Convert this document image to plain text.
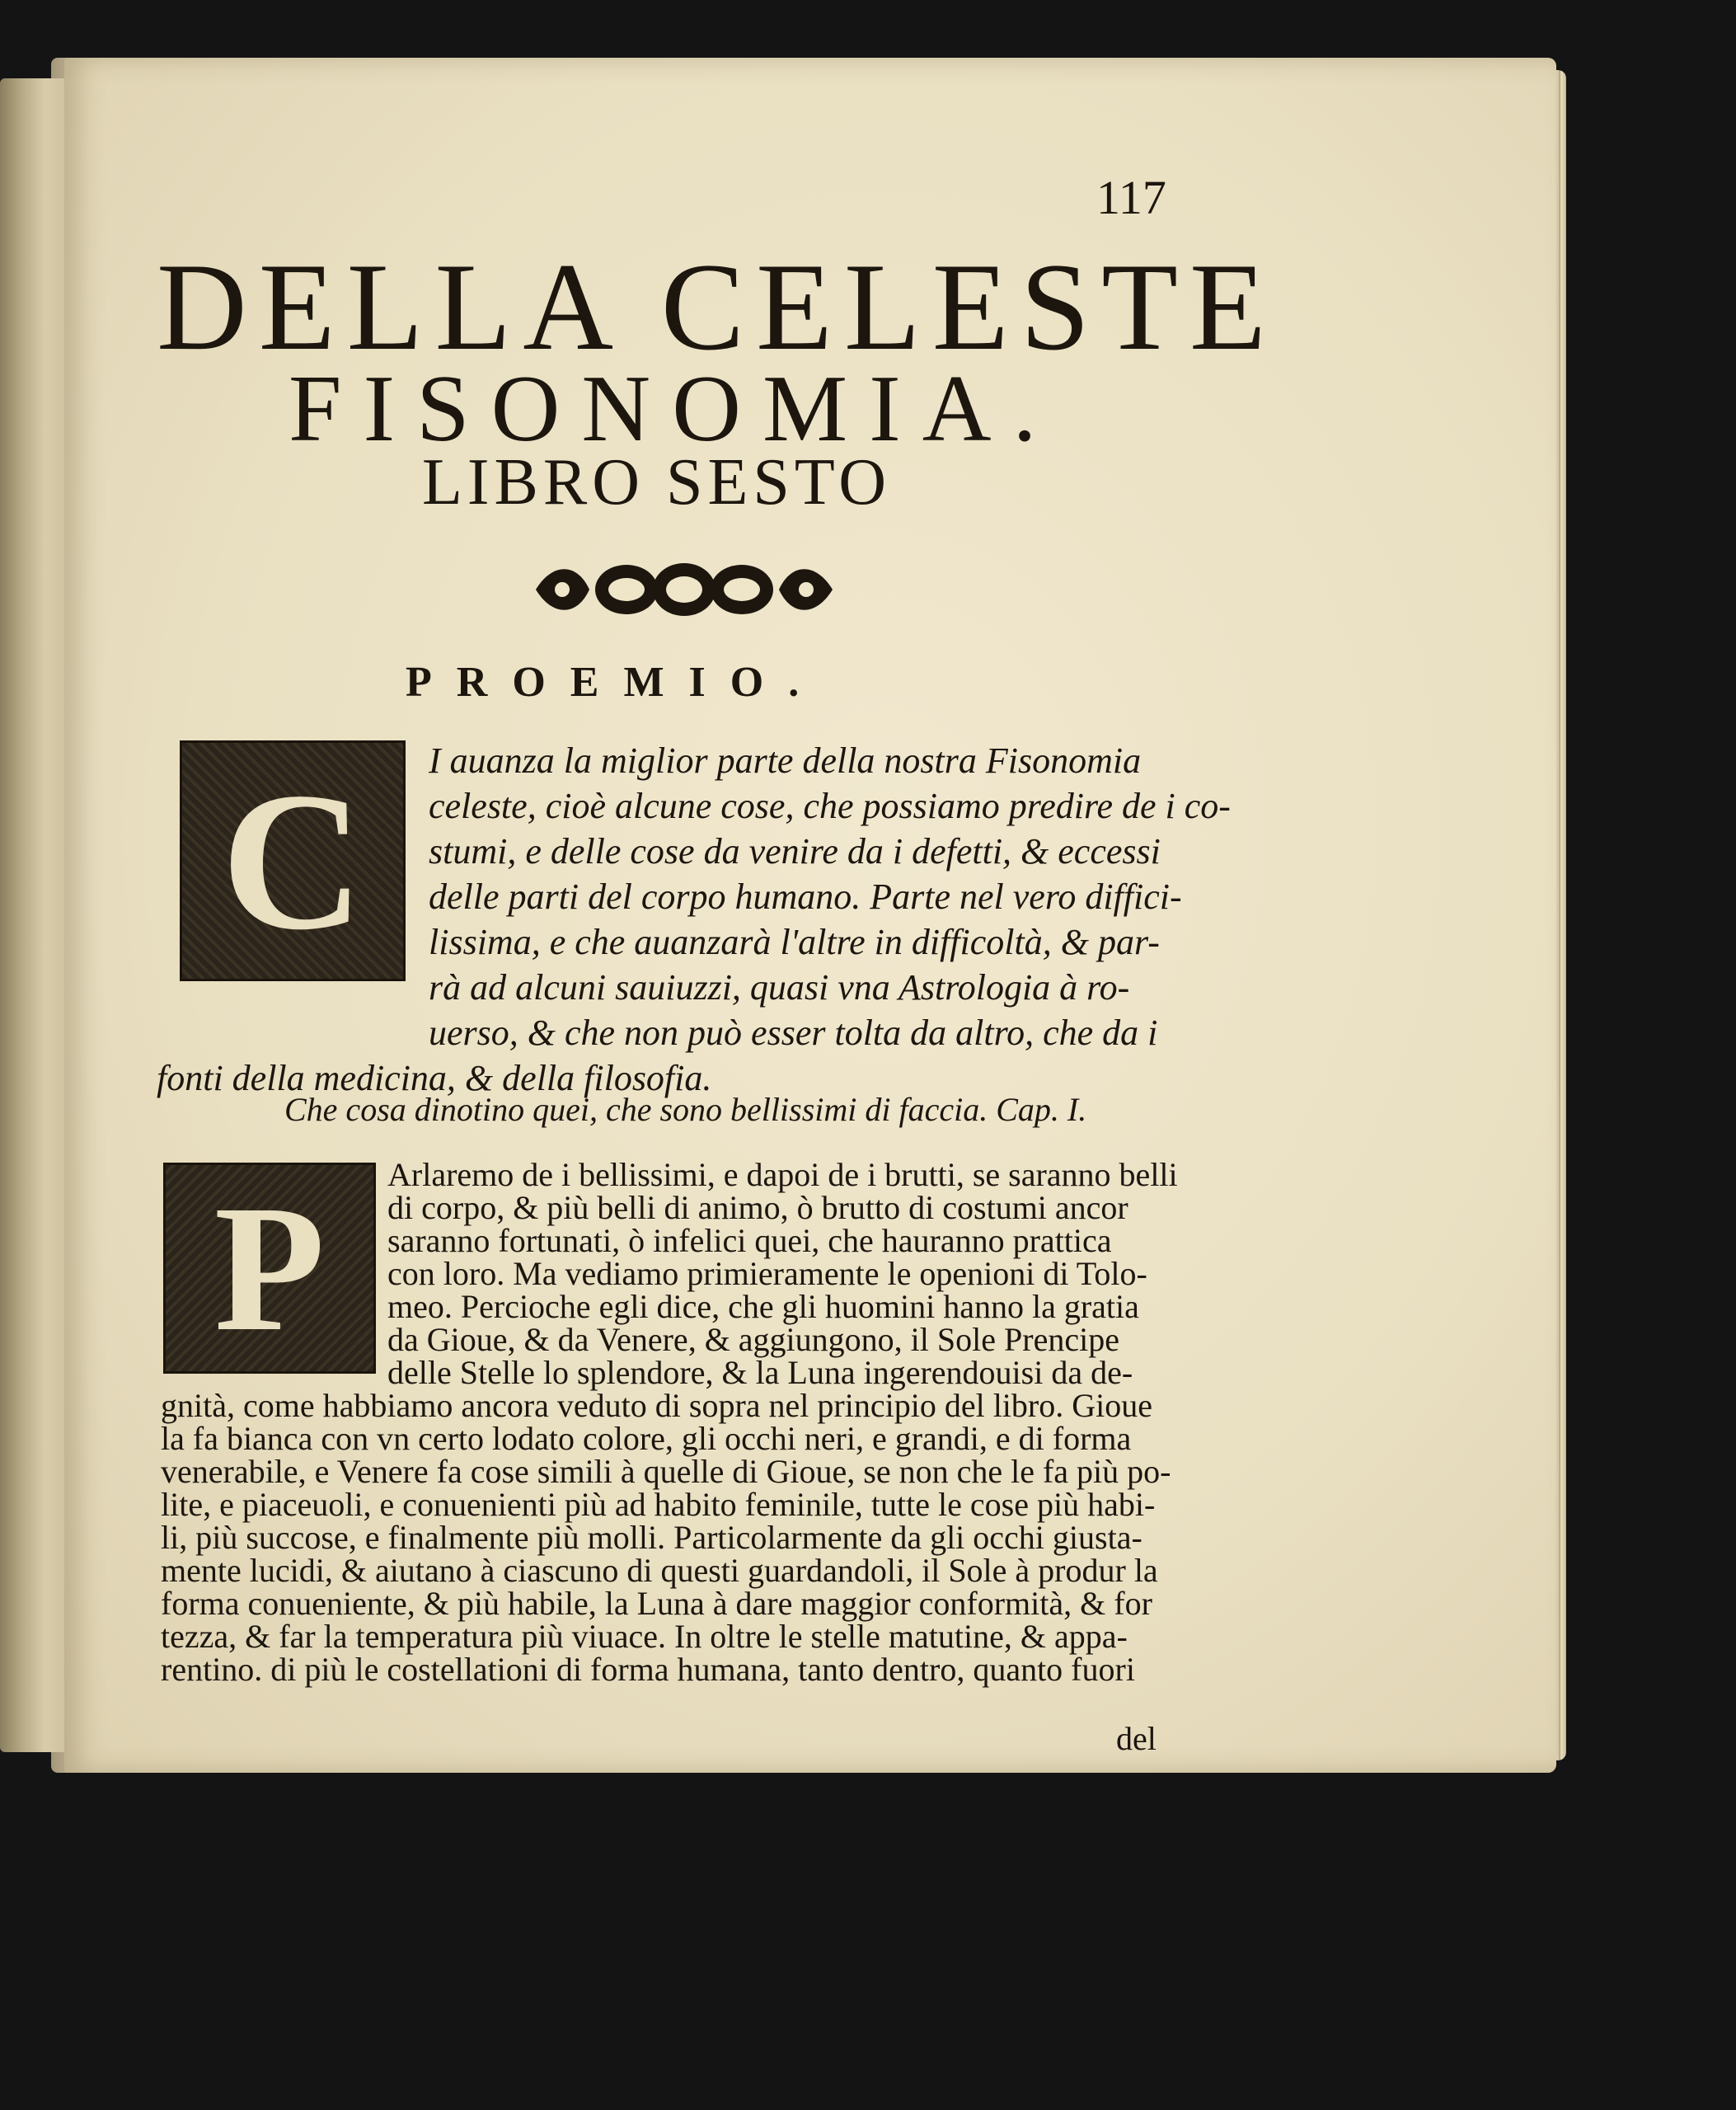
117
DELLA CELESTE
FISONOMIA.
LIBRO SESTO
PROEMIO.
C	I auanza la miglior parte della nostra Fisonomia
celeste, cioè alcune cose, che possiamo predire de i co-
stumi, e delle cose da venire da i defetti, & eccessi
delle parti del corpo humano. Parte nel vero diffici-
lissima, e che auanzarà l'altre in difficoltà, & par-
rà ad alcuni sauiuzzi, quasi vna Astrologia à ro-
uerso, & che non può esser tolta da altro, che da i
fonti della medicina, & della filosofia.
Che cosa dinotino quei, che sono bellissimi di faccia. Cap. I.
P	Arlaremo de i bellissimi, e dapoi de i brutti, se saranno belli
di corpo, & più belli di animo, ò brutto di costumi ancor
saranno fortunati, ò infelici quei, che hauranno prattica
con loro. Ma vediamo primieramente le openioni di Tolo-
meo. Percioche egli dice, che gli huomini hanno la gratia
da Gioue, & da Venere, & aggiungono, il Sole Prencipe
delle Stelle lo splendore, & la Luna ingerendouisi da de-
gnità, come habbiamo ancora veduto di sopra nel principio del libro. Gioue
la fa bianca con vn certo lodato colore, gli occhi neri, e grandi, e di forma
venerabile, e Venere fa cose simili à quelle di Gioue, se non che le fa più po-
lite, e piaceuoli, e conuenienti più ad habito feminile, tutte le cose più habi-
li, più succose, e finalmente più molli. Particolarmente da gli occhi giusta-
mente lucidi, & aiutano à ciascuno di questi guardandoli, il Sole à produr la
forma conueniente, & più habile, la Luna à dare maggior conformità, & for
tezza, & far la temperatura più viuace. In oltre le stelle matutine, & appa-
rentino. di più le costellationi di forma humana, tanto dentro, quanto fuori
del
